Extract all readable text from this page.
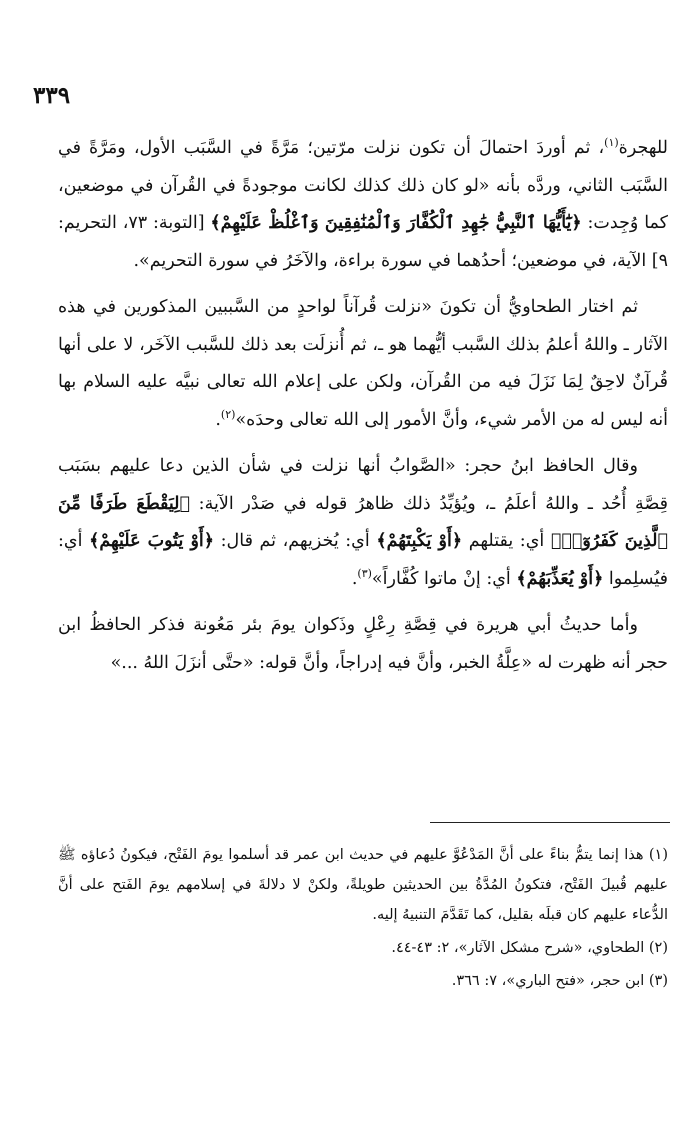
٣٣٩

للهجرة$^{(١)}$، ثم أوردَ احتمالَ أن تكون نزلت مرّتين؛ مَرَّةً في السَّبَب الأول، ومَرَّةً في السَّبَب الثاني، وردَّه بأنه «لو كان ذلك كذلك لكانت موجودةً في القُرآن في موضعين، كما وُجِدت: ﴿يَٰٓأَيُّهَا ٱلنَّبِيُّ جَٰهِدِ ٱلْكُفَّارَ وَٱلْمُنَٰفِقِينَ وَٱغْلُظْ عَلَيْهِمْ﴾ [التوبة: ٧٣، التحريم: ٩] الآية، في موضعين؛ أحدُهما في سورة براءة، والآخَرُ في سورة التحريم».

ثم اختار الطحاويُّ أن تكونَ «نزلت قُرآناً لواحدٍ من السَّببين المذكورين في هذه الآثار ـ واللهُ أعلمُ بذلك السَّبب أيُّهما هو ـ، ثم أُنزلَت بعد ذلك للسَّبب الآخَر، لا على أنها قُرآنٌ لاحِقٌ لِمَا نَزَلَ فيه من القُرآن، ولكن على إعلام الله تعالى نبيَّه عليه السلام بها أنه ليس له من الأمر شيء، وأنَّ الأمور إلى الله تعالى وحدَه»$^{(٢)}$.

وقال الحافظ ابنُ حجر: «الصَّوابُ أنها نزلت في شأن الذين دعا عليهم بسَبَب قِصَّةِ أُحُد ـ واللهُ أعلَمُ ـ، ويُؤيِّدُ ذلك ظاهرُ قوله في صَدْر الآية: ﴿لِيَقْطَعَ طَرَفًا مِّنَ ٱلَّذِينَ كَفَرُوٓا۟﴾ أي: يقتلهم ﴿أَوْ يَكْبِتَهُمْ﴾ أي: يُخزيهم، ثم قال: ﴿أَوْ يَتُوبَ عَلَيْهِمْ﴾ أي: فيُسلِموا ﴿أَوْ يُعَذِّبَهُمْ﴾ أي: إنْ ماتوا كُفَّاراً»$^{(٣)}$.

وأما حديثُ أبي هريرة في قِصَّةِ رِعْلٍ وذَكوان يومَ بئر مَعُونة فذكر الحافظُ ابن حجر أنه ظهرت له «عِلَّةُ الخبر، وأنَّ فيه إدراجاً، وأنَّ قوله: «حتَّى أنزَلَ اللهُ ...»

(١) هذا إنما يتمُّ بناءً على أنَّ المَدْعُوَّ عليهم في حديث ابن عمر قد أسلموا يومَ الفَتْح، فيكونُ دُعاؤه ﷺ عليهم قُبيلَ الفَتْح، فتكونُ المُدَّةُ بين الحديثين طويلةً، ولكنْ لا دلالةَ في إسلامهم يومَ الفَتح على أنَّ الدُّعاء عليهم كان قبلَه بقليل، كما تَقَدَّمَ التنبيهُ إليه.

(٢) الطحاوي، «شرح مشكل الآثار»، ٢: ٤٣-٤٤.

(٣) ابن حجر، «فتح الباري»، ٧: ٣٦٦.
